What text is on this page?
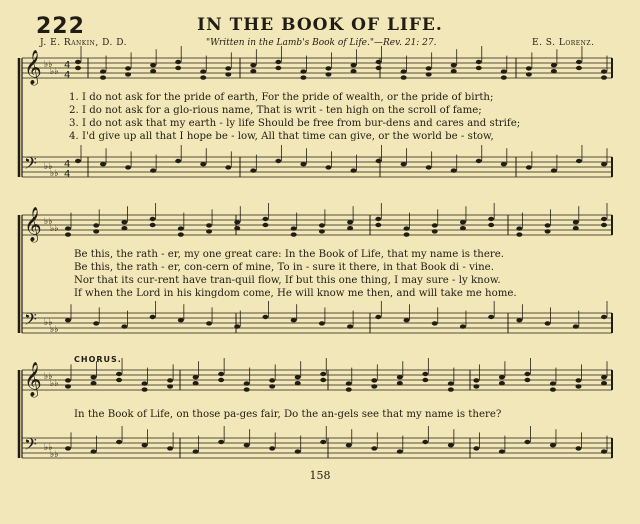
222	IN THE BOOK OF LIFE.
J. E. Rankin, D. D.	"Written in the Lamb's Book of Life."—Rev. 21: 27.	E. S. Lorenz.
𝄞
𝄢
♭♭
♭♭
♭♭
♭♭
4
4
4
4
𝄞
𝄢
♭♭
♭♭
♭♭
♭♭
𝄞
𝄢
♭♭
♭♭
♭♭
♭♭
1. I do not ask for the pride of earth, For the pride of wealth, or the pride of birth;
2. I do not ask for a glo-rious name, That is writ - ten high on the scroll of fame;
3. I do not ask that my earth - ly life Should be free from bur-dens and cares and strife;
4. I'd give up all that I hope be - low, All that time can give, or the world be - stow,
Be this, the rath - er, my one great care: In the Book of Life, that my name is there.
Be this, the rath - er, con-cern of mine, To in - sure it there, in that Book di - vine.
Nor that its cur-rent have tran-quil flow, If but this one thing, I may sure - ly know.
If when the Lord in his kingdom come, He will know me then, and will take me home.
CHORUS.
In the Book of Life, on those pa-ges fair, Do the an-gels see that my name is there?
158
